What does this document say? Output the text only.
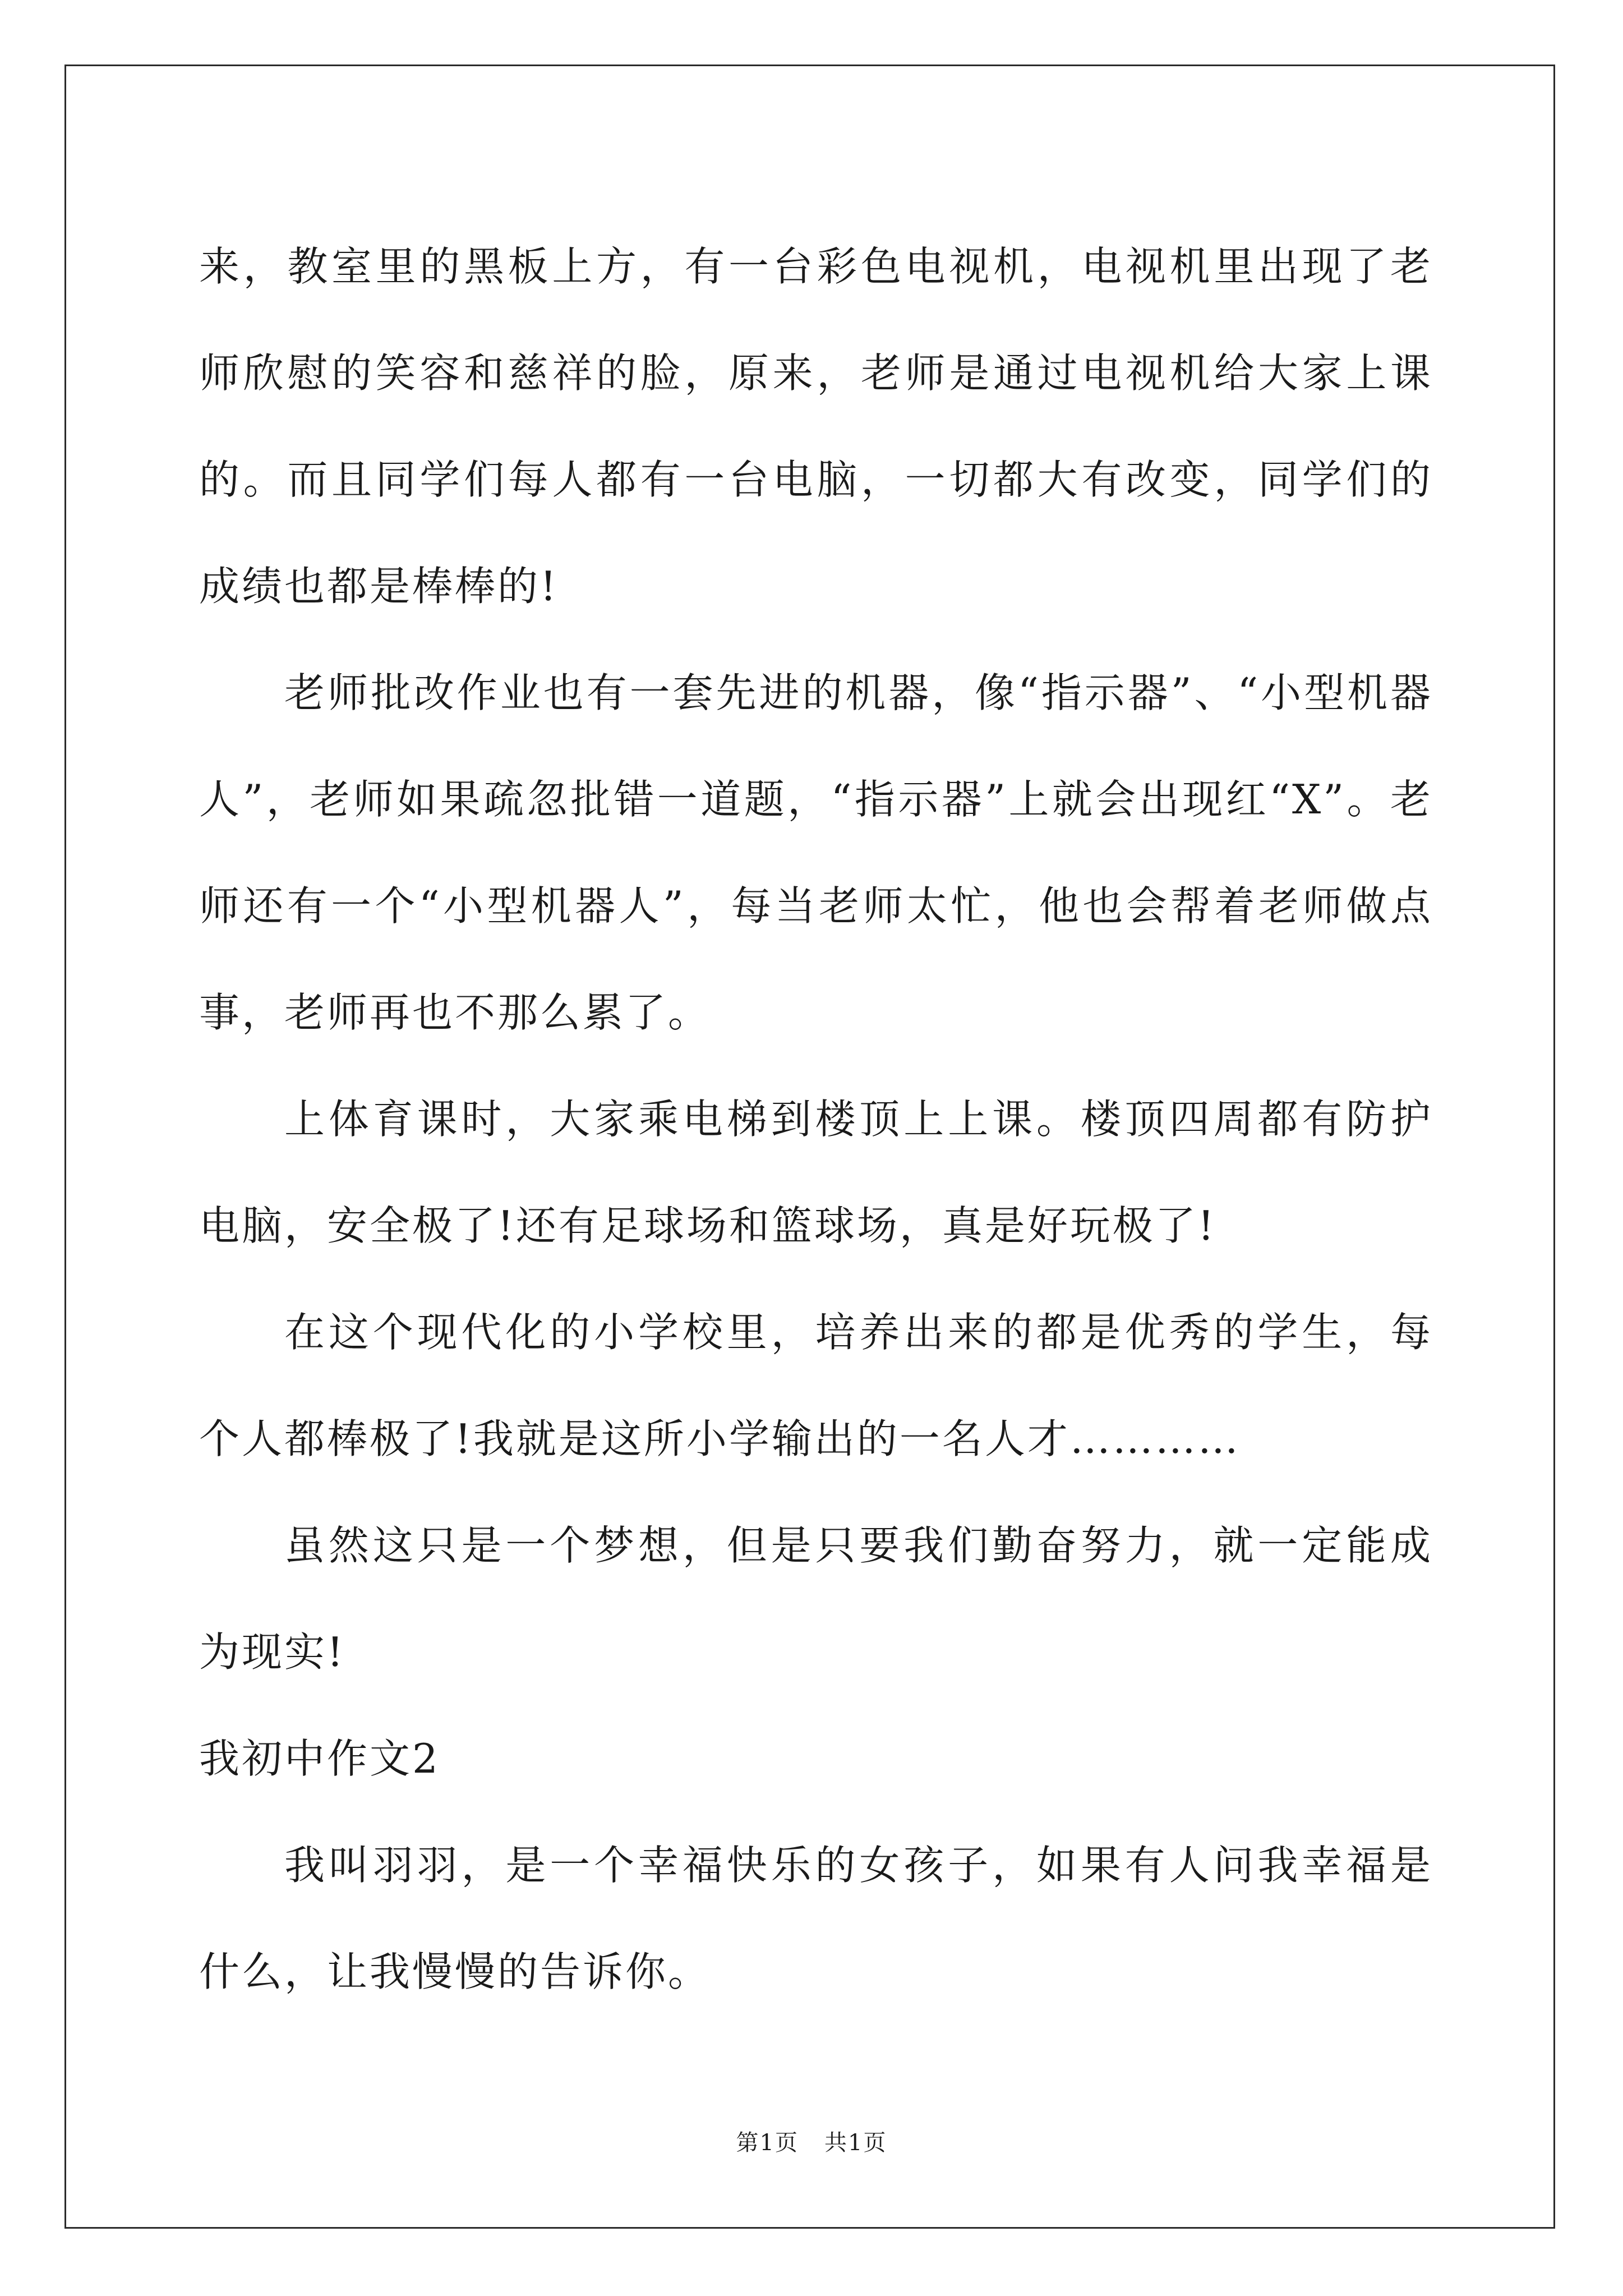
来，教室里的黑板上方，有一台彩色电视机，电视机里出现了老师欣慰的笑容和慈祥的脸，原来，老师是通过电视机给大家上课的。而且同学们每人都有一台电脑，一切都大有改变，同学们的成绩也都是棒棒的!

老师批改作业也有一套先进的机器，像“指示器”、“小型机器人”，老师如果疏忽批错一道题，“指示器”上就会出现红“X”。老师还有一个“小型机器人”，每当老师太忙，他也会帮着老师做点事，老师再也不那么累了。

上体育课时，大家乘电梯到楼顶上上课。楼顶四周都有防护电脑，安全极了!还有足球场和篮球场，真是好玩极了!

在这个现代化的小学校里，培养出来的都是优秀的学生，每个人都棒极了!我就是这所小学输出的一名人才…………

虽然这只是一个梦想，但是只要我们勤奋努力，就一定能成为现实!

我初中作文2

我叫羽羽，是一个幸福快乐的女孩子，如果有人问我幸福是什么，让我慢慢的告诉你。

第1页 共1页
